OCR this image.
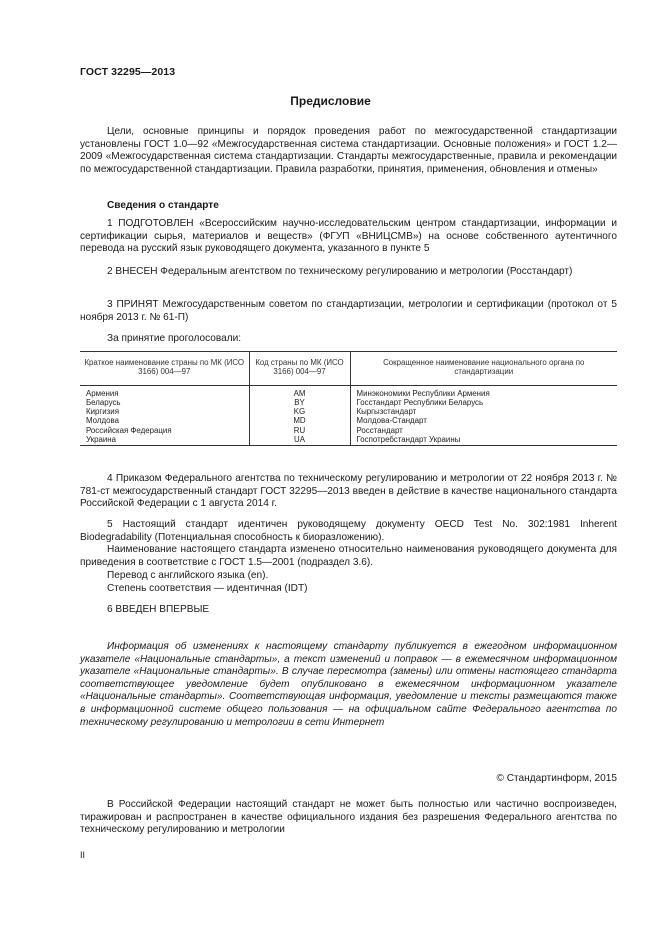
ГОСТ 32295—2013
Предисловие

Цели, основные принципы и порядок проведения работ по межгосударственной стандартизации установлены ГОСТ 1.0—92 «Межгосударственная система стандартизации. Основные положения» и ГОСТ 1.2—2009 «Межгосударственная система стандартизации. Стандарты межгосударственные, правила и рекомендации по межгосударственной стандартизации. Правила разработки, принятия, применения, обновления и отмены»

Сведения о стандарте

1 ПОДГОТОВЛЕН «Всероссийским научно-исследовательским центром стандартизации, информации и сертификации сырья, материалов и веществ» (ФГУП «ВНИЦСМВ») на основе собственного аутентичного перевода на русский язык руководящего документа, указанного в пункте 5

2 ВНЕСЕН Федеральным агентством по техническому регулированию и метрологии (Росстандарт)

3 ПРИНЯТ Межгосударственным советом по стандартизации, метрологии и сертификации (протокол от 5 ноября 2013 г. № 61-П)

За принятие проголосовали:

Краткое наименование страны по МК (ИСО 3166) 004—97	Код страны по МК (ИСО 3166) 004—97	Сокращенное наименование национального органа по стандартизации
Армения	AM	Минэкономики Республики Армения
Беларусь	BY	Госстандарт Республики Беларусь
Киргизия	KG	Кыргызстандарт
Молдова	MD	Молдова-Стандарт
Российская Федерация	RU	Росстандарт
Украина	UA	Госпотребстандарт Украины

4 Приказом Федерального агентства по техническому регулированию и метрологии от 22 ноября 2013 г. № 781-ст межгосударственный стандарт ГОСТ 32295—2013 введен в действие в качестве национального стандарта Российской Федерации с 1 августа 2014 г.

5 Настоящий стандарт идентичен руководящему документу OECD Test No. 302:1981 Inherent Biodegradability (Потенциальная способность к биоразложению).

Наименование настоящего стандарта изменено относительно наименования руководящего документа для приведения в соответствие с ГОСТ 1.5—2001 (подраздел 3.6).

Перевод с английского языка (en).

Степень соответствия — идентичная (IDT)

6 ВВЕДЕН ВПЕРВЫЕ

Информация об изменениях к настоящему стандарту публикуется в ежегодном информационном указателе «Национальные стандарты», а текст изменений и поправок — в ежемесячном информационном указателе «Национальные стандарты». В случае пересмотра (замены) или отмены настоящего стандарта соответствующее уведомление будет опубликовано в ежемесячном информационном указателе «Национальные стандарты». Соответствующая информация, уведомление и тексты размещаются также в информационной системе общего пользования — на официальном сайте Федерального агентства по техническому регулированию и метрологии в сети Интернет

© Стандартинформ, 2015

В Российской Федерации настоящий стандарт не может быть полностью или частично воспроизведен, тиражирован и распространен в качестве официального издания без разрешения Федерального агентства по техническому регулированию и метрологии

II
